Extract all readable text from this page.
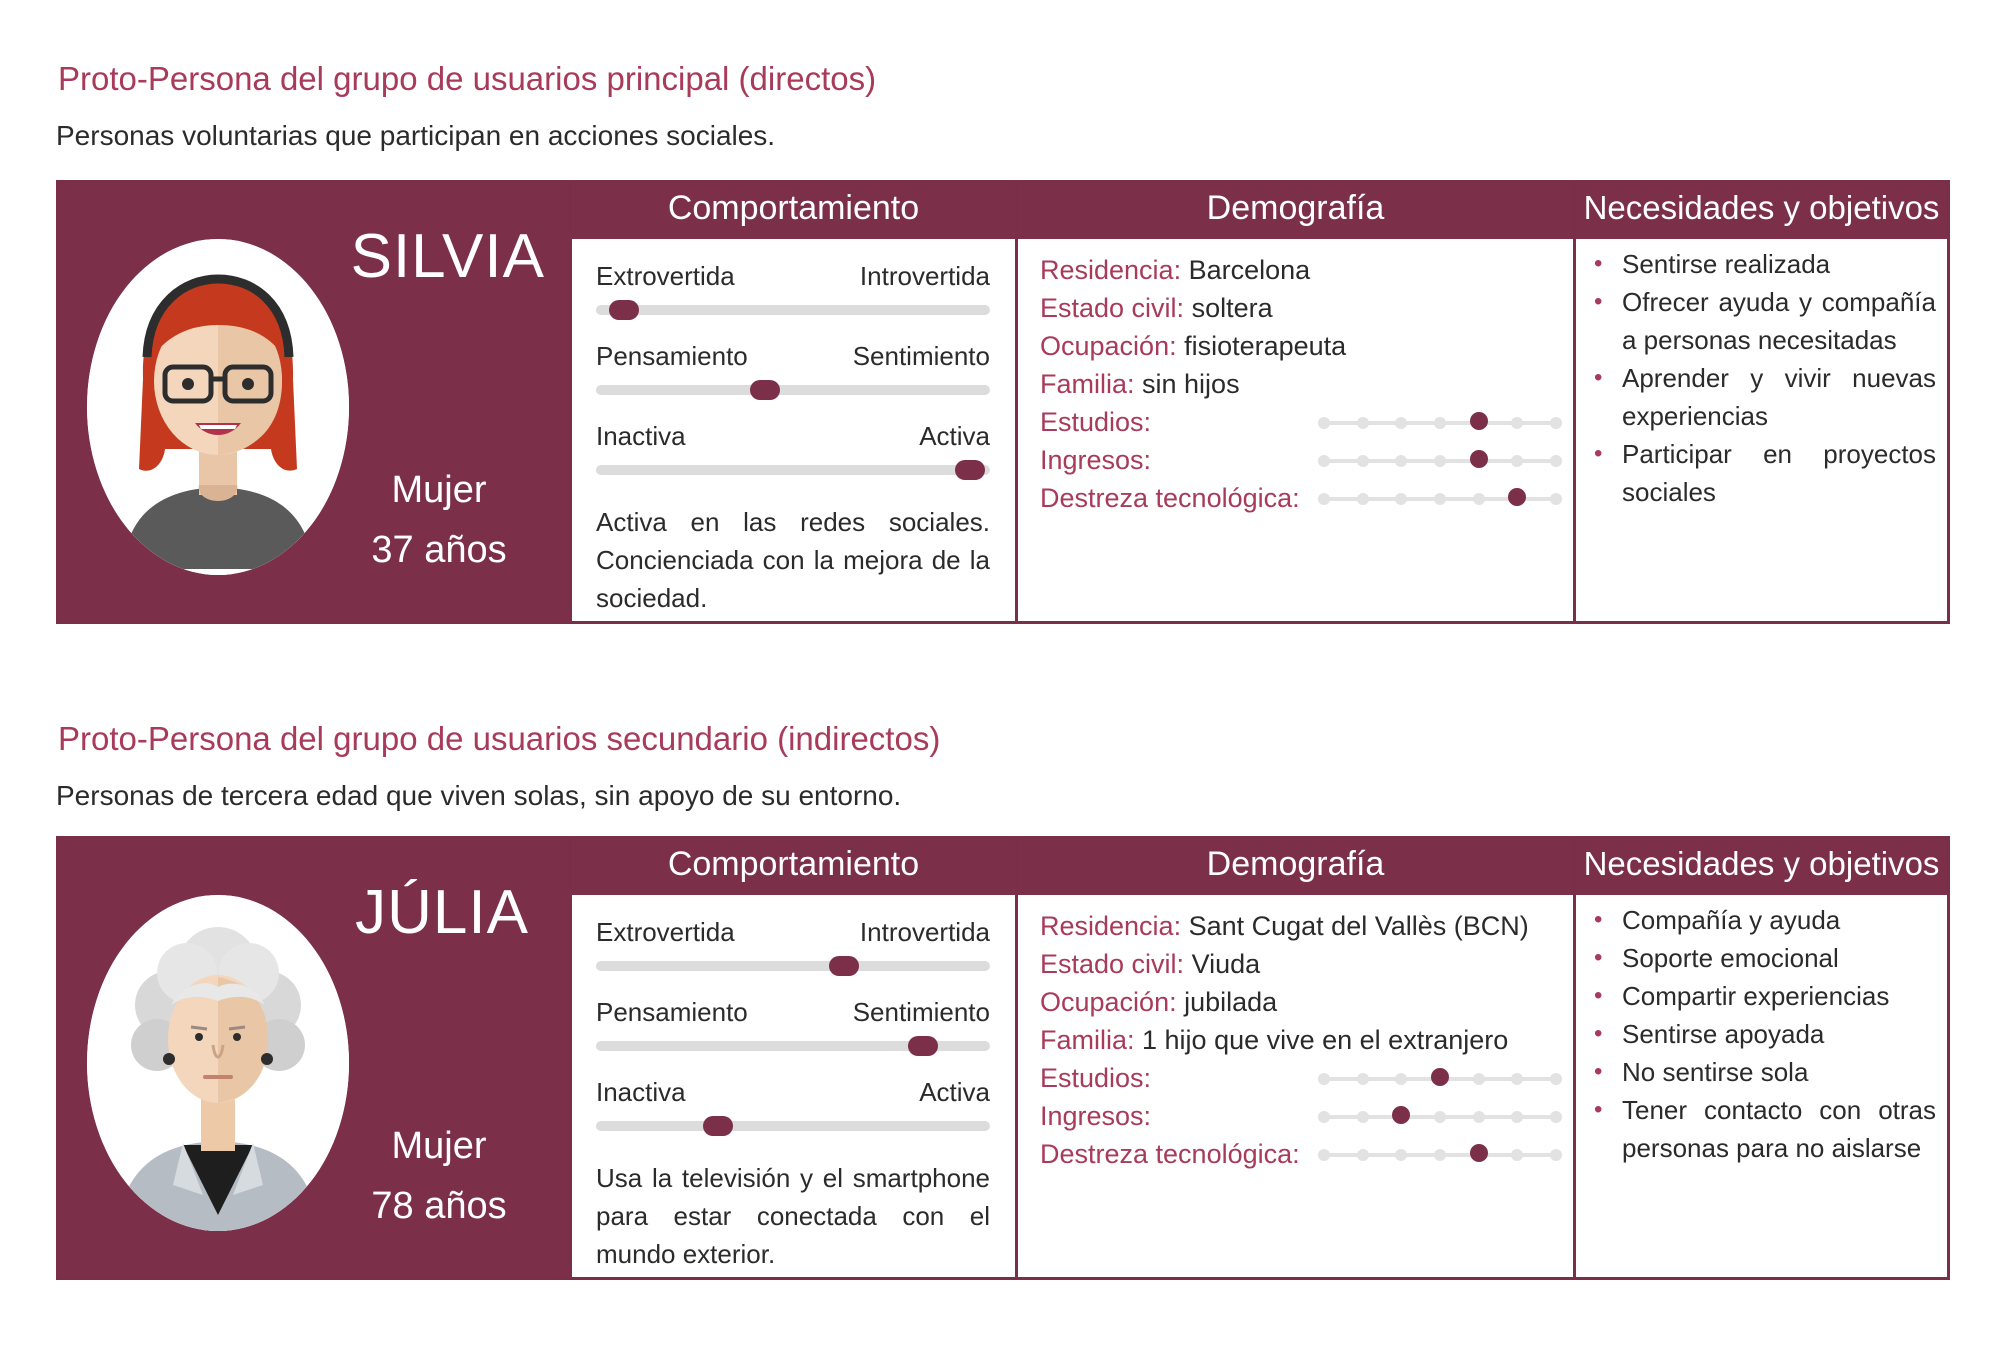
Proto-Persona del grupo de usuarios principal (directos)
Personas voluntarias que participan en acciones sociales.
SILVIA
Mujer
37 años
Comportamiento
Extrovertida	Introvertida
Pensamiento	Sentimiento
Inactiva	Activa
Activa en las redes sociales. Concienciada con la mejora de la sociedad.
Demografía
Residencia: Barcelona
Estado civil: soltera
Ocupación: fisioterapeuta
Familia: sin hijos
Estudios:
Ingresos:
Destreza tecnológica:
Necesidades y objetivos
• Sentirse realizada
• Ofrecer ayuda y compañía a personas necesitadas
• Aprender y vivir nuevas experiencias
• Participar en proyectos sociales
Proto-Persona del grupo de usuarios secundario (indirectos)
Personas de tercera edad que viven solas, sin apoyo de su entorno.
JÚLIA
Mujer
78 años
Comportamiento
Extrovertida	Introvertida
Pensamiento	Sentimiento
Inactiva	Activa
Usa la televisión y el smartphone para estar conectada con el mundo exterior.
Demografía
Residencia: Sant Cugat del Vallès (BCN)
Estado civil: Viuda
Ocupación: jubilada
Familia: 1 hijo que vive en el extranjero
Estudios:
Ingresos:
Destreza tecnológica:
Necesidades y objetivos
• Compañía y ayuda
• Soporte emocional
• Compartir experiencias
• Sentirse apoyada
• No sentirse sola
• Tener contacto con otras personas para no aislarse
